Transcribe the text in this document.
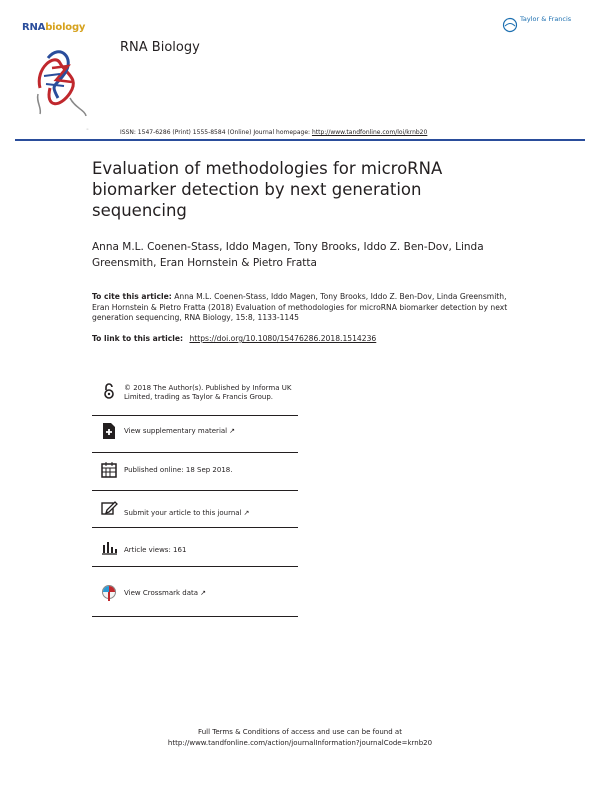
RNAbiology
RNA Biology
Taylor & Francis
◦	ISSN: 1547-6286 (Print) 1555-8584 (Online) Journal homepage: http://www.tandfonline.com/loi/krnb20
Evaluation of methodologies for microRNA biomarker detection by next generation sequencing
Anna M.L. Coenen-Stass, Iddo Magen, Tony Brooks, Iddo Z. Ben-Dov, Linda Greensmith, Eran Hornstein & Pietro Fratta
To cite this article: Anna M.L. Coenen-Stass, Iddo Magen, Tony Brooks, Iddo Z. Ben-Dov, Linda Greensmith, Eran Hornstein & Pietro Fratta (2018) Evaluation of methodologies for microRNA biomarker detection by next generation sequencing, RNA Biology, 15:8, 1133-1145
To link to this article: https://doi.org/10.1080/15476286.2018.1514236
© 2018 The Author(s). Published by Informa UK Limited, trading as Taylor & Francis Group.
View supplementary material ↗
Published online: 18 Sep 2018.
Submit your article to this journal ↗
Article views: 161
View Crossmark data ↗
Full Terms & Conditions of access and use can be found at
http://www.tandfonline.com/action/journalInformation?journalCode=krnb20
